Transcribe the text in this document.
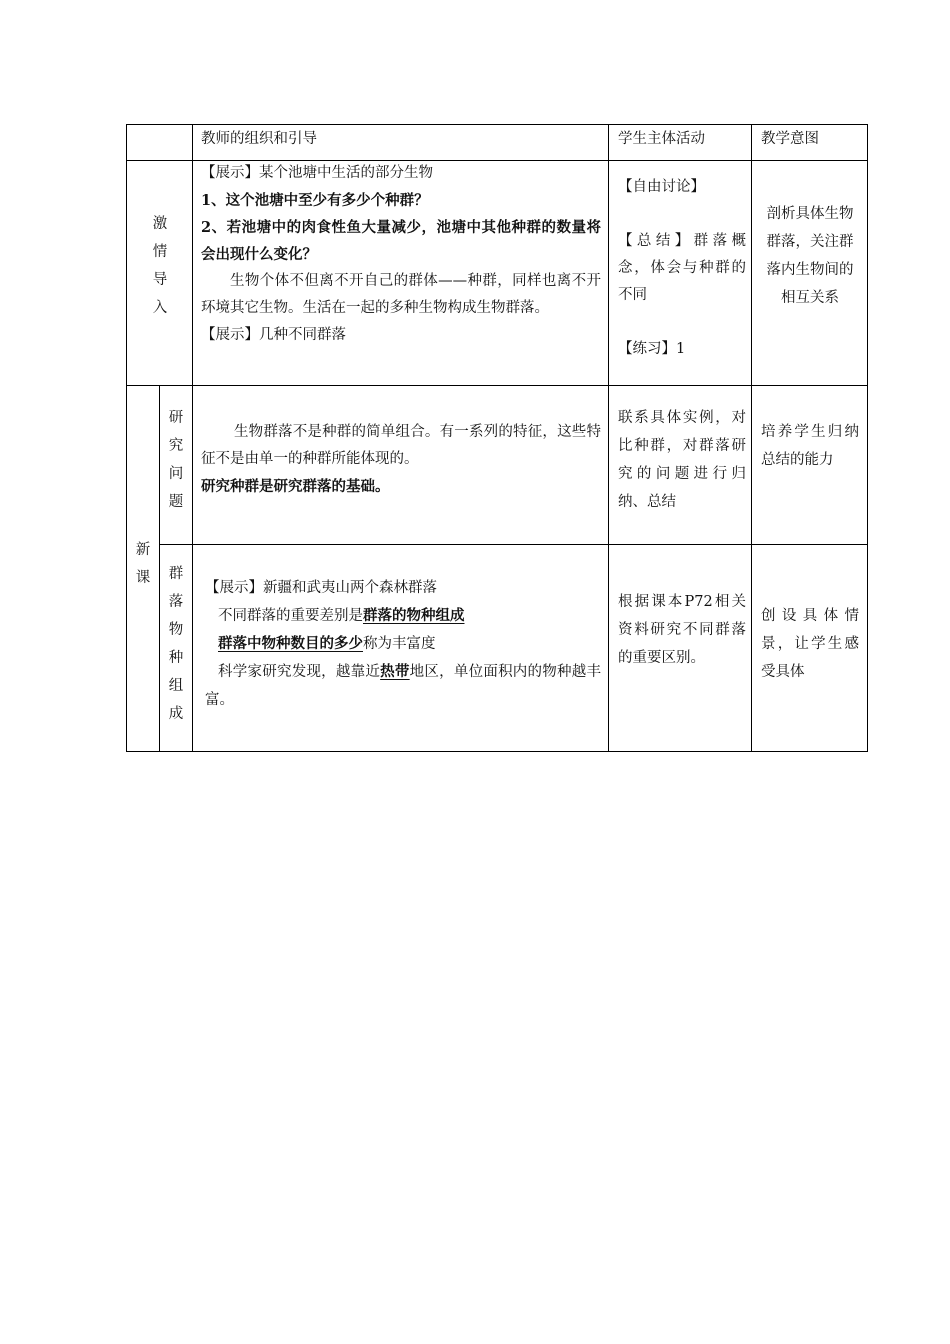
教师的组织和引导	学生主体活动	教学意图
激
情
导
入

【展示】某个池塘中生活的部分生物

1、这个池塘中至少有多少个种群？

2、若池塘中的肉食性鱼大量减少，池塘中其他种群的数量将会出现什么变化？

生物个体不但离不开自己的群体——种群，同样也离不开环境其它生物。生活在一起的多种生物构成生物群落。

【展示】几种不同群落

【自由讨论】
【总结】群落概念，体会与种群的不同
【练习】1
剖析具体生物群落，关注群落内生物间的相互关系
新
课
研
究
问
题

生物群落不是种群的简单组合。有一系列的特征，这些特征不是由单一的种群所能体现的。

研究种群是研究群落的基础。

联系具体实例，对比种群，对群落研究的问题进行归纳、总结
培养学生归纳总结的能力
群
落
物
种
组
成

【展示】新疆和武夷山两个森林群落

不同群落的重要差别是群落的物种组成

群落中物种数目的多少称为丰富度

科学家研究发现，越靠近热带地区，单位面积内的物种越丰富。

根据课本P72相关资料研究不同群落的重要区别。
创设具体情景，让学生感受具体
